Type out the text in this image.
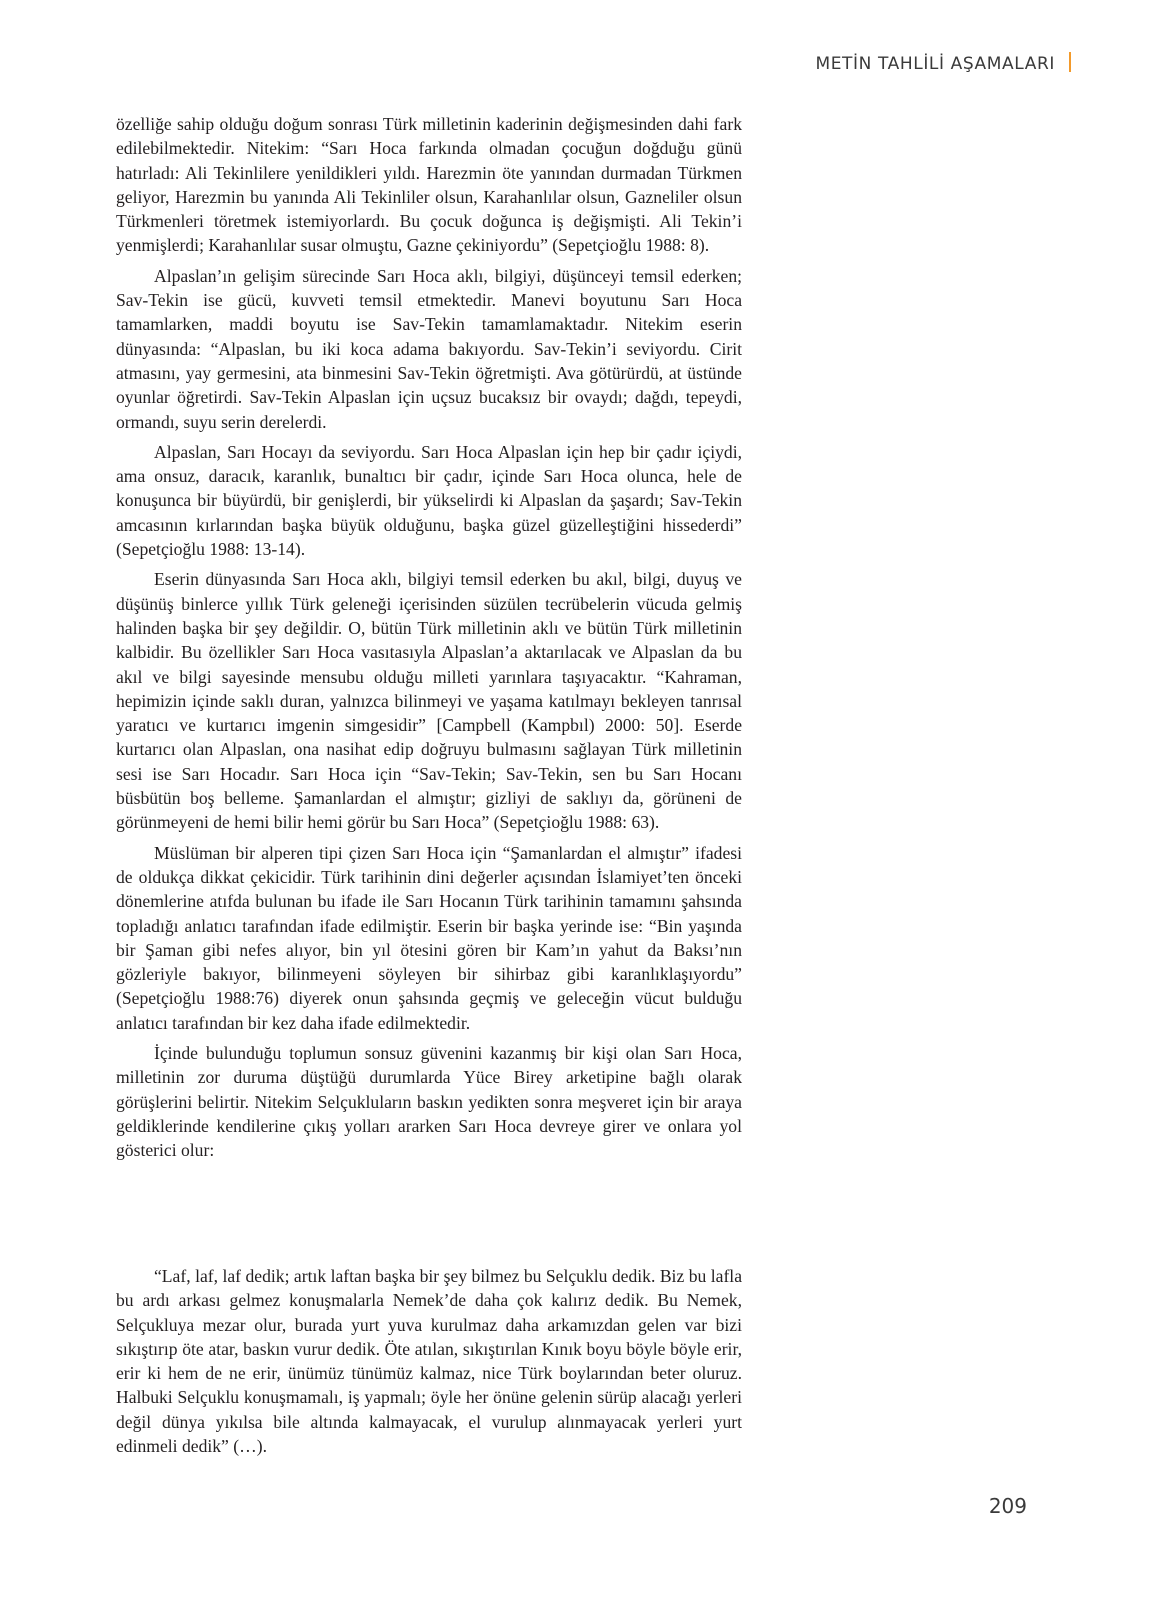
METİN TAHLİLİ AŞAMALARI

özelliğe sahip olduğu doğum sonrası Türk milletinin kaderinin değişmesinden dahi fark edilebilmektedir. Nitekim: “Sarı Hoca farkında olmadan çocuğun doğduğu günü hatırladı: Ali Tekinlilere yenildikleri yıldı. Harezmin öte yanından durmadan Türkmen geliyor, Harezmin bu yanında Ali Tekinliler olsun, Karahanlılar olsun, Gazneliler olsun Türkmenleri töretmek istemiyorlardı. Bu çocuk doğunca iş değişmişti. Ali Tekin’i yenmişlerdi; Karahanlılar susar olmuştu, Gazne çekiniyordu” (Sepetçioğlu 1988: 8).

Alpaslan’ın gelişim sürecinde Sarı Hoca aklı, bilgiyi, düşünceyi temsil ederken; Sav-Tekin ise gücü, kuvveti temsil etmektedir. Manevi boyutunu Sarı Hoca tamamlarken, maddi boyutu ise Sav-Tekin tamamlamaktadır. Nitekim eserin dünyasında: “Alpaslan, bu iki koca adama bakıyordu. Sav-Tekin’i seviyordu. Cirit atmasını, yay germesini, ata binmesini Sav-Tekin öğretmişti. Ava götürürdü, at üstünde oyunlar öğretirdi. Sav-Tekin Alpaslan için uçsuz bucaksız bir ovaydı; dağdı, tepeydi, ormandı, suyu serin derelerdi.

Alpaslan, Sarı Hocayı da seviyordu. Sarı Hoca Alpaslan için hep bir çadır içiydi, ama onsuz, daracık, karanlık, bunaltıcı bir çadır, içinde Sarı Hoca olunca, hele de konuşunca bir büyürdü, bir genişlerdi, bir yükselirdi ki Alpaslan da şaşardı; Sav-Tekin amcasının kırlarından başka büyük olduğunu, başka güzel güzelleştiğini hissederdi” (Sepetçioğlu 1988: 13-14).

Eserin dünyasında Sarı Hoca aklı, bilgiyi temsil ederken bu akıl, bilgi, duyuş ve düşünüş binlerce yıllık Türk geleneği içerisinden süzülen tecrübelerin vücuda gelmiş halinden başka bir şey değildir. O, bütün Türk milletinin aklı ve bütün Türk milletinin kalbidir. Bu özellikler Sarı Hoca vasıtasıyla Alpaslan’a aktarılacak ve Alpaslan da bu akıl ve bilgi sayesinde mensubu olduğu milleti yarınlara taşıyacaktır. “Kahraman, hepimizin içinde saklı duran, yalnızca bilinmeyi ve yaşama katılmayı bekleyen tanrısal yaratıcı ve kurtarıcı imgenin simgesidir” [Campbell (Kampbıl) 2000: 50]. Eserde kurtarıcı olan Alpaslan, ona nasihat edip doğruyu bulmasını sağlayan Türk milletinin sesi ise Sarı Hocadır. Sarı Hoca için “Sav-Tekin; Sav-Tekin, sen bu Sarı Hocanı büsbütün boş belleme. Şamanlardan el almıştır; gizliyi de saklıyı da, görüneni de görünmeyeni de hemi bilir hemi görür bu Sarı Hoca” (Sepetçioğlu 1988: 63).

Müslüman bir alperen tipi çizen Sarı Hoca için “Şamanlardan el almıştır” ifadesi de oldukça dikkat çekicidir. Türk tarihinin dini değerler açısından İslamiyet’ten önceki dönemlerine atıfda bulunan bu ifade ile Sarı Hocanın Türk tarihinin tamamını şahsında topladığı anlatıcı tarafından ifade edilmiştir. Eserin bir başka yerinde ise: “Bin yaşında bir Şaman gibi nefes alıyor, bin yıl ötesini gören bir Kam’ın yahut da Baksı’nın gözleriyle bakıyor, bilinmeyeni söyleyen bir sihirbaz gibi karanlıklaşıyordu” (Sepetçioğlu 1988:76) diyerek onun şahsında geçmiş ve geleceğin vücut bulduğu anlatıcı tarafından bir kez daha ifade edilmektedir.

İçinde bulunduğu toplumun sonsuz güvenini kazanmış bir kişi olan Sarı Hoca, milletinin zor duruma düştüğü durumlarda Yüce Birey arketipine bağlı olarak görüşlerini belirtir. Nitekim Selçukluların baskın yedikten sonra meşveret için bir araya geldiklerinde kendilerine çıkış yolları ararken Sarı Hoca devreye girer ve onlara yol gösterici olur:

“Laf, laf, laf dedik; artık laftan başka bir şey bilmez bu Selçuklu dedik. Biz bu lafla bu ardı arkası gelmez konuşmalarla Nemek’de daha çok kalırız dedik. Bu Nemek, Selçukluya mezar olur, burada yurt yuva kurulmaz daha arkamızdan gelen var bizi sıkıştırıp öte atar, baskın vurur dedik. Öte atılan, sıkıştırılan Kınık boyu böyle böyle erir, erir ki hem de ne erir, ünümüz tünümüz kalmaz, nice Türk boylarından beter oluruz. Halbuki Selçuklu konuşmamalı, iş yapmalı; öyle her önüne gelenin sürüp alacağı yerleri değil dünya yıkılsa bile altında kalmayacak, el vurulup alınmayacak yerleri yurt edinmeli dedik” (…).
209
